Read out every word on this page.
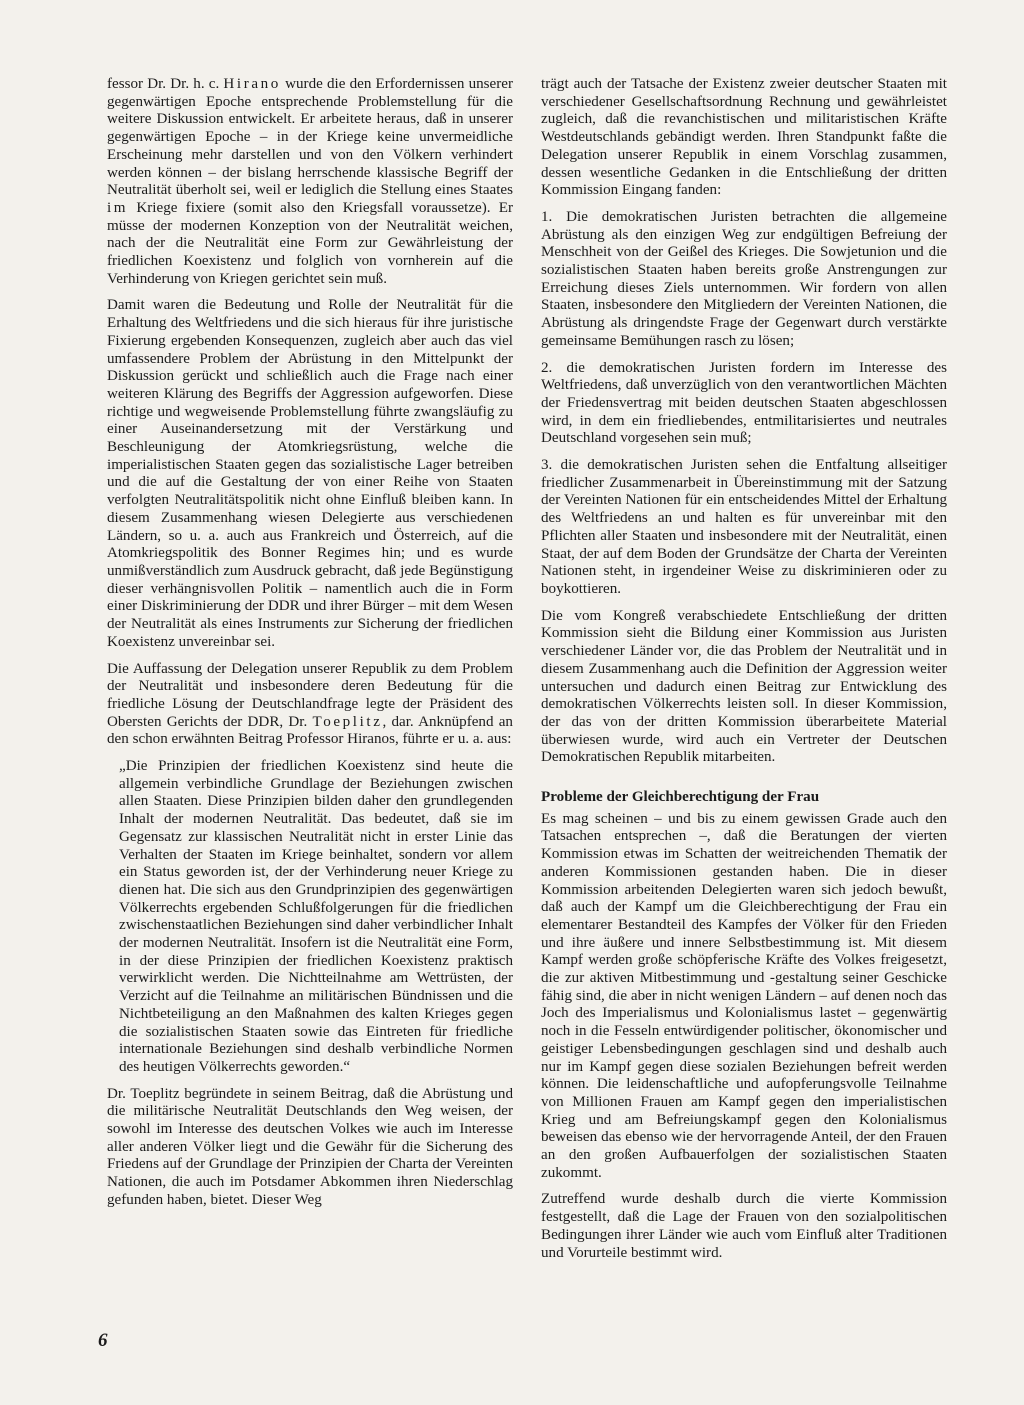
fessor Dr. Dr. h. c. Hirano wurde die den Erfordernissen unserer gegenwärtigen Epoche entsprechende Problemstellung für die weitere Diskussion entwickelt. Er arbeitete heraus, daß in unserer gegenwärtigen Epoche – in der Kriege keine unvermeidliche Erscheinung mehr darstellen und von den Völkern verhindert werden können – der bislang herrschende klassische Begriff der Neutralität überholt sei, weil er lediglich die Stellung eines Staates im Kriege fixiere (somit also den Kriegsfall voraussetze). Er müsse der modernen Konzeption von der Neutralität weichen, nach der die Neutralität eine Form zur Gewährleistung der friedlichen Koexistenz und folglich von vornherein auf die Verhinderung von Kriegen gerichtet sein muß.

Damit waren die Bedeutung und Rolle der Neutralität für die Erhaltung des Weltfriedens und die sich hieraus für ihre juristische Fixierung ergebenden Konsequenzen, zugleich aber auch das viel umfassendere Problem der Abrüstung in den Mittelpunkt der Diskussion gerückt und schließlich auch die Frage nach einer weiteren Klärung des Begriffs der Aggression aufgeworfen. Diese richtige und wegweisende Problemstellung führte zwangsläufig zu einer Auseinandersetzung mit der Verstärkung und Beschleunigung der Atomkriegsrüstung, welche die imperialistischen Staaten gegen das sozialistische Lager betreiben und die auf die Gestaltung der von einer Reihe von Staaten verfolgten Neutralitätspolitik nicht ohne Einfluß bleiben kann. In diesem Zusammenhang wiesen Delegierte aus verschiedenen Ländern, so u. a. auch aus Frankreich und Österreich, auf die Atomkriegspolitik des Bonner Regimes hin; und es wurde unmißverständlich zum Ausdruck gebracht, daß jede Begünstigung dieser verhängnisvollen Politik – namentlich auch die in Form einer Diskriminierung der DDR und ihrer Bürger – mit dem Wesen der Neutralität als eines Instruments zur Sicherung der friedlichen Koexistenz unvereinbar sei.

Die Auffassung der Delegation unserer Republik zu dem Problem der Neutralität und insbesondere deren Bedeutung für die friedliche Lösung der Deutschlandfrage legte der Präsident des Obersten Gerichts der DDR, Dr. Toeplitz, dar. Anknüpfend an den schon erwähnten Beitrag Professor Hiranos, führte er u. a. aus:

„Die Prinzipien der friedlichen Koexistenz sind heute die allgemein verbindliche Grundlage der Beziehungen zwischen allen Staaten. Diese Prinzipien bilden daher den grundlegenden Inhalt der modernen Neutralität. Das bedeutet, daß sie im Gegensatz zur klassischen Neutralität nicht in erster Linie das Verhalten der Staaten im Kriege beinhaltet, sondern vor allem ein Status geworden ist, der der Verhinderung neuer Kriege zu dienen hat. Die sich aus den Grundprinzipien des gegenwärtigen Völkerrechts ergebenden Schlußfolgerungen für die friedlichen zwischenstaatlichen Beziehungen sind daher verbindlicher Inhalt der modernen Neutralität. Insofern ist die Neutralität eine Form, in der diese Prinzipien der friedlichen Koexistenz praktisch verwirklicht werden. Die Nichtteilnahme am Wettrüsten, der Verzicht auf die Teilnahme an militärischen Bündnissen und die Nichtbeteiligung an den Maßnahmen des kalten Krieges gegen die sozialistischen Staaten sowie das Eintreten für friedliche internationale Beziehungen sind deshalb verbindliche Normen des heutigen Völkerrechts geworden.“

Dr. Toeplitz begründete in seinem Beitrag, daß die Abrüstung und die militärische Neutralität Deutschlands den Weg weisen, der sowohl im Interesse des deutschen Volkes wie auch im Interesse aller anderen Völker liegt und die Gewähr für die Sicherung des Friedens auf der Grundlage der Prinzipien der Charta der Vereinten Nationen, die auch im Potsdamer Abkommen ihren Niederschlag gefunden haben, bietet. Dieser Weg

trägt auch der Tatsache der Existenz zweier deutscher Staaten mit verschiedener Gesellschaftsordnung Rechnung und gewährleistet zugleich, daß die revanchistischen und militaristischen Kräfte Westdeutschlands gebändigt werden. Ihren Standpunkt faßte die Delegation unserer Republik in einem Vorschlag zusammen, dessen wesentliche Gedanken in die Entschließung der dritten Kommission Eingang fanden:

1. Die demokratischen Juristen betrachten die allgemeine Abrüstung als den einzigen Weg zur endgültigen Befreiung der Menschheit von der Geißel des Krieges. Die Sowjetunion und die sozialistischen Staaten haben bereits große Anstrengungen zur Erreichung dieses Ziels unternommen. Wir fordern von allen Staaten, insbesondere den Mitgliedern der Vereinten Nationen, die Abrüstung als dringendste Frage der Gegenwart durch verstärkte gemeinsame Bemühungen rasch zu lösen;

2. die demokratischen Juristen fordern im Interesse des Weltfriedens, daß unverzüglich von den verantwortlichen Mächten der Friedensvertrag mit beiden deutschen Staaten abgeschlossen wird, in dem ein friedliebendes, entmilitarisiertes und neutrales Deutschland vorgesehen sein muß;

3. die demokratischen Juristen sehen die Entfaltung allseitiger friedlicher Zusammenarbeit in Übereinstimmung mit der Satzung der Vereinten Nationen für ein entscheidendes Mittel der Erhaltung des Weltfriedens an und halten es für unvereinbar mit den Pflichten aller Staaten und insbesondere mit der Neutralität, einen Staat, der auf dem Boden der Grundsätze der Charta der Vereinten Nationen steht, in irgendeiner Weise zu diskriminieren oder zu boykottieren.

Die vom Kongreß verabschiedete Entschließung der dritten Kommission sieht die Bildung einer Kommission aus Juristen verschiedener Länder vor, die das Problem der Neutralität und in diesem Zusammenhang auch die Definition der Aggression weiter untersuchen und dadurch einen Beitrag zur Entwicklung des demokratischen Völkerrechts leisten soll. In dieser Kommission, der das von der dritten Kommission überarbeitete Material überwiesen wurde, wird auch ein Vertreter der Deutschen Demokratischen Republik mitarbeiten.

Probleme der Gleichberechtigung der Frau

Es mag scheinen – und bis zu einem gewissen Grade auch den Tatsachen entsprechen –, daß die Beratungen der vierten Kommission etwas im Schatten der weitreichenden Thematik der anderen Kommissionen gestanden haben. Die in dieser Kommission arbeitenden Delegierten waren sich jedoch bewußt, daß auch der Kampf um die Gleichberechtigung der Frau ein elementarer Bestandteil des Kampfes der Völker für den Frieden und ihre äußere und innere Selbstbestimmung ist. Mit diesem Kampf werden große schöpferische Kräfte des Volkes freigesetzt, die zur aktiven Mitbestimmung und -gestaltung seiner Geschicke fähig sind, die aber in nicht wenigen Ländern – auf denen noch das Joch des Imperialismus und Kolonialismus lastet – gegenwärtig noch in die Fesseln entwürdigender politischer, ökonomischer und geistiger Lebensbedingungen geschlagen sind und deshalb auch nur im Kampf gegen diese sozialen Beziehungen befreit werden können. Die leidenschaftliche und aufopferungsvolle Teilnahme von Millionen Frauen am Kampf gegen den imperialistischen Krieg und am Befreiungskampf gegen den Kolonialismus beweisen das ebenso wie der hervorragende Anteil, der den Frauen an den großen Aufbauerfolgen der sozialistischen Staaten zukommt.

Zutreffend wurde deshalb durch die vierte Kommission festgestellt, daß die Lage der Frauen von den sozialpolitischen Bedingungen ihrer Länder wie auch vom Einfluß alter Traditionen und Vorurteile bestimmt wird.

6
